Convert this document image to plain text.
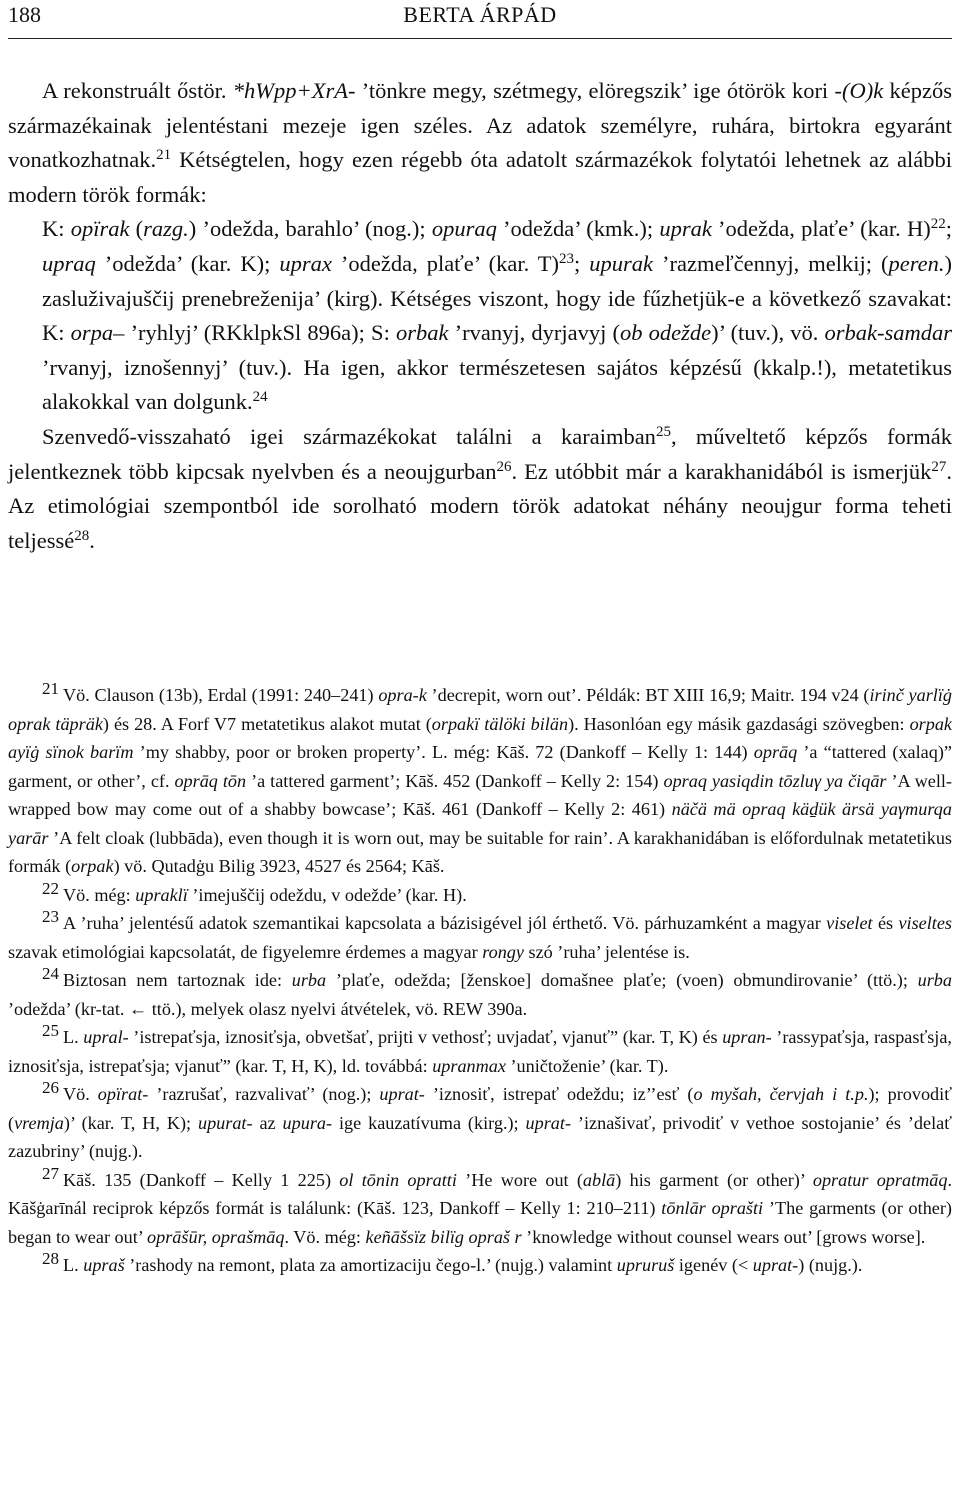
188	BERTA ÁRPÁD

A rekonstruált őstör. *hWpp+XrA- ’tönkre megy, szétmegy, elöregszik’ ige ótörök kori -(O)k képzős származékainak jelentéstani mezeje igen széles. Az adatok személyre, ruhára, birtokra egyaránt vonatkozhatnak.$^{21}$ Kétségtelen, hogy ezen régebb óta adatolt származékok folytatói lehetnek az alábbi modern török formák:

K: opïrak (razg.) ’odežda, barahlo’ (nog.); opuraq ’odežda’ (kmk.); uprak ’odežda, plaťe’ (kar. H)$^{22}$; upraq ’odežda’ (kar. K); uprax ’odežda, plaťe’ (kar. T)$^{23}$; upurak ’razmeľčennyj, melkij; (peren.) zasluživajuščij prenebreženija’ (kirg). Kétséges viszont, hogy ide fűzhetjük-e a következő szavakat: K: orpa– ’ryhlyj’ (RKklpkSl 896a); S: orbak ’rvanyj, dyrjavyj (ob odežde)’ (tuv.), vö. orbak-samdar ’rvanyj, iznošennyj’ (tuv.). Ha igen, akkor természetesen sajátos képzésű (kkalp.!), metatetikus alakokkal van dolgunk.$^{24}$

Szenvedő-visszaható igei származékokat találni a karaimban$^{25}$, műveltető képzős formák jelentkeznek több kipcsak nyelvben és a neoujgurban$^{26}$. Ez utóbbit már a karakhanidából is ismerjük$^{27}$. Az etimológiai szempontból ide sorolható modern török adatokat néhány neoujgur forma teheti teljessé$^{28}$.

21 Vö. Clauson (13b), Erdal (1991: 240–241) opra-k ’decrepit, worn out’. Példák: BT XIII 16,9; Maitr. 194 v24 (irinč yarlïġ oprak täpräk) és 28. A Forf V7 metatetikus alakot mutat (orpakï tälöki bilän). Hasonlóan egy másik gazdasági szövegben: orpak ayïġ sïnok barïm ’my shabby, poor or broken property’. L. még: Kāš. 72 (Dankoff – Kelly 1: 144) oprāq ’a “tattered (xalaq)” garment, or other’, cf. oprāq tōn ’a tattered garment’; Kāš. 452 (Dankoff – Kelly 2: 154) opraq yasiqdin tōzluγ ya čiqār ’A well-wrapped bow may come out of a shabby bowcase’; Kāš. 461 (Dankoff – Kelly 2: 461) näčä mä opraq käḏük ärsä yaγmurqa yarār ’A felt cloak (lubbāda), even though it is worn out, may be suitable for rain’. A karakhanidában is előfordulnak metatetikus formák (orpak) vö. Qutadġu Bilig 3923, 4527 és 2564; Kāš.

22 Vö. még: upraklï ’imejuščij odeždu, v odežde’ (kar. H).

23 A ’ruha’ jelentésű adatok szemantikai kapcsolata a bázisigével jól érthető. Vö. párhuzamként a magyar viselet és viseltes szavak etimológiai kapcsolatát, de figyelemre érdemes a magyar rongy szó ’ruha’ jelentése is.

24 Biztosan nem tartoznak ide: urba ’plaťe, odežda; [ženskoe] domašnee plaťe; (voen) obmundirovanie’ (ttö.); urba ’odežda’ (kr-tat. ← ttö.), melyek olasz nyelvi átvételek, vö. REW 390a.

25 L. upral- ’istrepaťsja, iznosiťsja, obvetšať, prijti v vethosť; uvjadať, vjanuť” (kar. T, K) és upran- ’rassypaťsja, raspasťsja, iznosiťsja, istrepaťsja; vjanuť” (kar. T, H, K), ld. továbbá: upranmax ’uničtoženie’ (kar. T).

26 Vö. opïrat- ’razrušať, razvalivať’ (nog.); uprat- ’iznosiť, istrepať odeždu; iz’’esť (o myšah, červjah i t.p.); provodiť (vremja)’ (kar. T, H, K); upurat- az upura- ige kauzatívuma (kirg.); uprat- ’iznašivať, privodiť v vethoe sostojanie’ és ’delať zazubriny’ (nujg.).

27 Kāš. 135 (Dankoff – Kelly 1 225) ol tōnin opratti ’He wore out (ablā) his garment (or other)’ opratur opratmāq. Kāšġarīnál reciprok képzős formát is találunk: (Kāš. 123, Dankoff – Kelly 1: 210–211) tōnlār oprašti ’The garments (or other) began to wear out’ oprāšūr, oprašmāq. Vö. még: keñāšsïz bilïg opraš r ’knowledge without counsel wears out’ [grows worse].

28 L. upraš ’rashody na remont, plata za amortizaciju čego-l.’ (nujg.) valamint upruruš igenév (< uprat-) (nujg.).
